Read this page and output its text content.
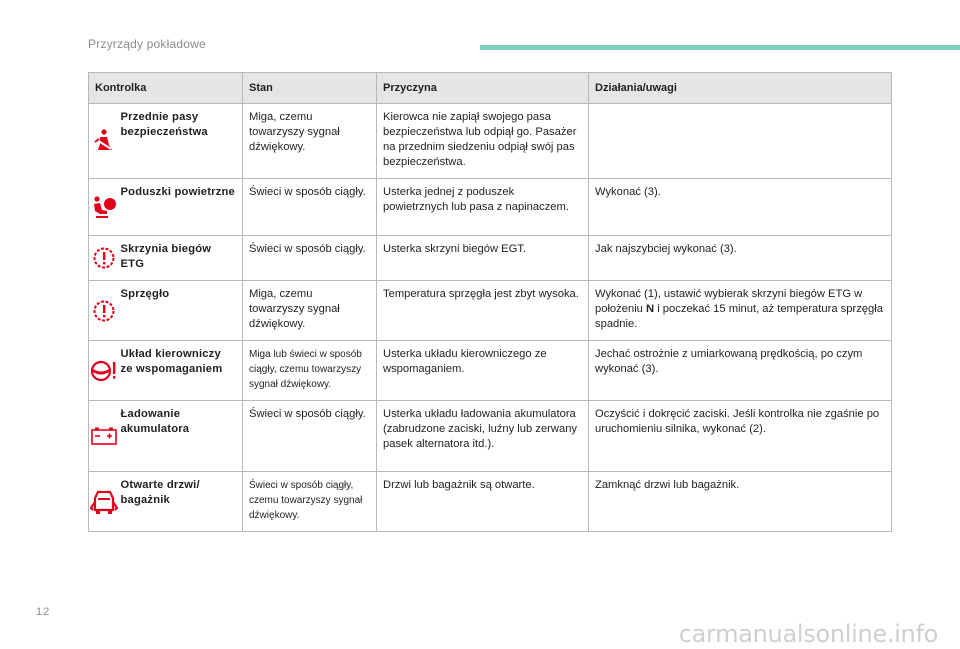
Przyrządy pokładowe
Kontrolka		Stan	Przyczyna	Działania/uwagi
	Przednie pasy bezpieczeństwa	Miga, czemu towarzyszy sygnał dźwiękowy.	Kierowca nie zapiął swojego pasa bezpieczeństwa lub odpiął go. Pasażer na przednim siedzeniu odpiął swój pas bezpieczeństwa.	
	Poduszki powietrzne	Świeci w sposób ciągły.	Usterka jednej z poduszek powietrznych lub pasa z napinaczem.	Wykonać (3).
	Skrzynia biegów ETG	Świeci w sposób ciągły.	Usterka skrzyni biegów EGT.	Jak najszybciej wykonać (3).
	Sprzęgło	Miga, czemu towarzyszy sygnał dźwiękowy.	Temperatura sprzęgła jest zbyt wysoka.	Wykonać (1), ustawić wybierak skrzyni biegów ETG w położeniu N i poczekać 15 minut, aż temperatura sprzęgła spadnie.
	Układ kierowniczy ze wspomaganiem	Miga lub świeci w sposób ciągły, czemu towarzyszy sygnał dźwiękowy.	Usterka układu kierowniczego ze wspomaganiem.	Jechać ostrożnie z umiarkowaną prędkością, po czym wykonać (3).
	Ładowanie akumulatora	Świeci w sposób ciągły.	Usterka układu ładowania akumulatora (zabrudzone zaciski, luźny lub zerwany pasek alternatora itd.).	Oczyścić i dokręcić zaciski. Jeśli kontrolka nie zgaśnie po uruchomieniu silnika, wykonać (2).
	Otwarte drzwi/ bagażnik	Świeci w sposób ciągły, czemu towarzyszy sygnał dźwiękowy.	Drzwi lub bagażnik są otwarte.	Zamknąć drzwi lub bagażnik.
12
carmanualsonline.info
